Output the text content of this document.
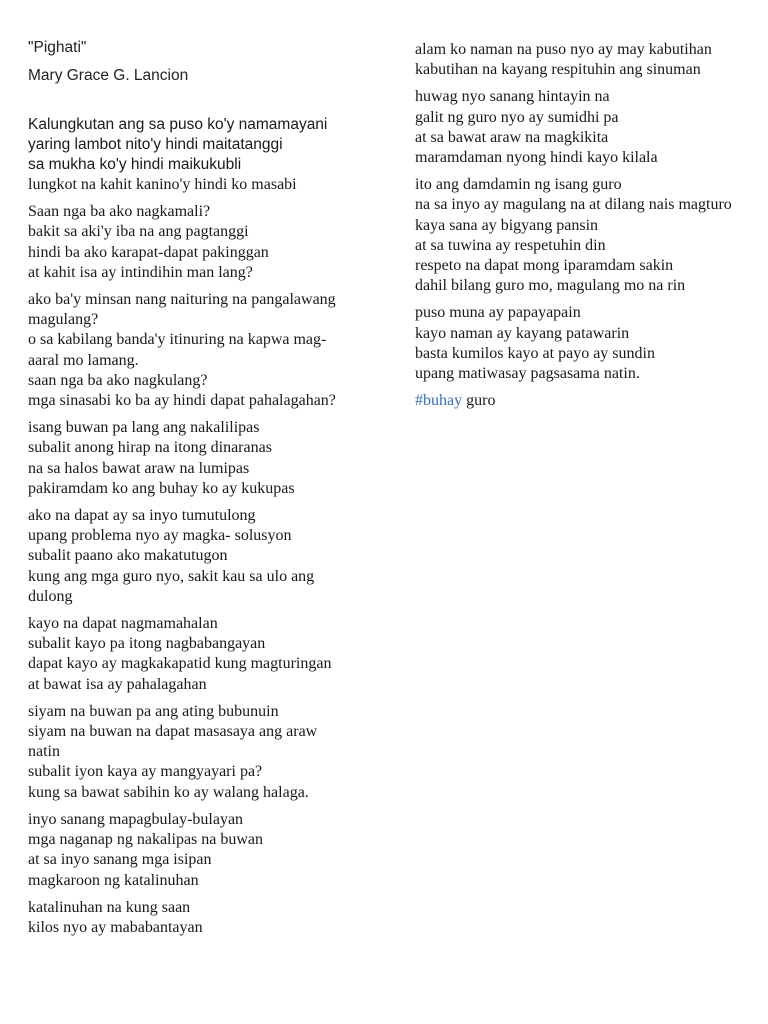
"Pighati"

Mary Grace G. Lancion

Kalungkutan ang sa puso ko'y namamayani
yaring lambot nito'y hindi maitatanggi
sa mukha ko'y hindi maikukubli
lungkot na kahit kanino'y hindi ko masabi
Saan nga ba ako nagkamali?
bakit sa aki'y iba na ang pagtanggi
hindi ba ako karapat-dapat pakinggan
at kahit isa ay intindihin man lang?
ako ba'y minsan nang naituring na pangalawang
magulang?
o sa kabilang banda'y itinuring na kapwa mag-
aaral mo lamang.
saan nga ba ako nagkulang?
mga sinasabi ko ba ay hindi dapat pahalagahan?
isang buwan pa lang ang nakalilipas
subalit anong hirap na itong dinaranas
na sa halos bawat araw na lumipas
pakiramdam ko ang buhay ko ay kukupas
ako na dapat ay sa inyo tumutulong
upang problema nyo ay magka- solusyon
subalit paano ako makatutugon
kung ang mga guro nyo, sakit kau sa ulo ang
dulong
kayo na dapat nagmamahalan
subalit kayo pa itong nagbabangayan
dapat kayo ay magkakapatid kung magturingan
at bawat isa ay pahalagahan
siyam na buwan pa ang ating bubunuin
siyam na buwan na dapat masasaya ang araw
natin
subalit iyon kaya ay mangyayari pa?
kung sa bawat sabihin ko ay walang halaga.
inyo sanang mapagbulay-bulayan
mga naganap ng nakalipas na buwan
at sa inyo sanang mga isipan
magkaroon ng katalinuhan
katalinuhan na kung saan
kilos nyo ay mababantayan
alam ko naman na puso nyo ay may kabutihan
kabutihan na kayang respituhin ang sinuman
huwag nyo sanang hintayin na
galit ng guro nyo ay sumidhi pa
at sa bawat araw na magkikita
maramdaman nyong hindi kayo kilala
ito ang damdamin ng isang guro
na sa inyo ay magulang na at dilang nais magturo
kaya sana ay bigyang pansin
at sa tuwina ay respetuhin din
respeto na dapat mong iparamdam sakin
dahil bilang guro mo, magulang mo na rin
puso muna ay papayapain
kayo naman ay kayang patawarin
basta kumilos kayo at payo ay sundin
upang matiwasay pagsasama natin.

#buhay guro
